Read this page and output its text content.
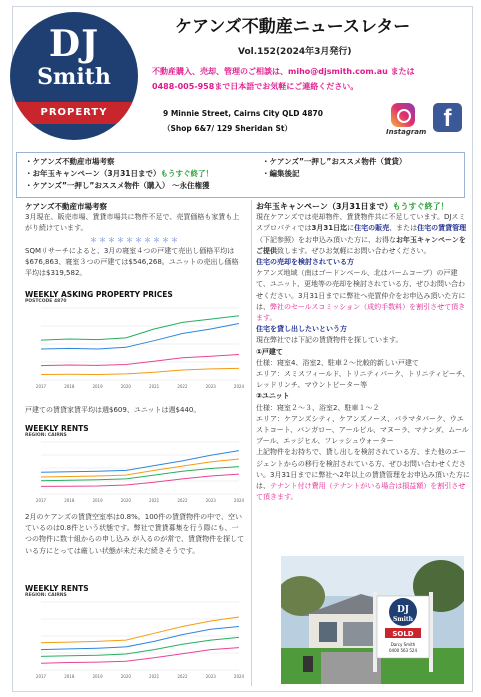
DJ
Smith
PROPERTY
ケアンズ不動産ニュースレター
Vol.152(2024年3月発行)
不動産購入、売却、管理のご相談は、miho@djsmith.com.au または
0488-005-958まで日本語でお気軽にご連絡ください。
9 Minnie Street, Cairns City QLD 4870
（Shop 6&7/ 129 Sheridan St）	Instagram f
・ケアンズ不動産市場考察
・お年玉キャンペーン（3月31日まで）もうすぐ終了！
・ケアンズ”一押し”おススメ物件（購入） ～永住権獲
・ケアンズ”一押し”おススメ物件（賃貸）
・編集後記
ケアンズ不動産市場考察
3月現在、販売市場、賃貸市場共に物件不足で、売買価格も家賃も上がり続けています。
＊＊＊＊＊＊＊＊＊＊
SQMリサーチによると、3月の寝室４つの戸建て売出し価格平均は$676,863、寝室３つの戸建ては$546,268。ユニットの売出し価格平均は$319,582。
WEEKLY ASKING PROPERTY PRICES
POSTCODE 4870
2017	2018	2019	2020	2021	2022	2023	2024
戸建ての賃貸家賃平均は週$609、ユニットは週$440。
WEEKLY RENTS
REGION: CAIRNS
2017	2018	2019	2020	2021	2022	2023	2024
2月のケアンズの賃貸空室率は0.8%。100件の賃貸物件の中で、空いているのは0.8件という状態です。弊社で賃貸募集を行う際にも、一つの物件に数十組からの申し込み が入るのが常で、賃貸物件を探している方にとっては厳しい状態が未だ未だ続きそうです。
WEEKLY RENTS
REGION: CAIRNS
2017	2018	2019	2020	2021	2022	2023	2024
お年玉キャンペーン（3月31日まで）もうすぐ終了！
現在ケアンズでは売却物件、賃貸物件共に不足しています。DJスミスプロパティでは3月31日迄に住宅の販売、または住宅の賃貸管理（下記参照）をお申込み頂いた方に、お得なお年玉キャンペーンをご提供致します。ぜひお気軽にお問い合わせください。
住宅の売却を検討されている方
ケアンズ地域（南はゴードンベール、北はパームコーブ）の戸建て、ユニット、更地等の売却を検討されている方、ぜひお問い合わせください。3月31日までに弊社へ売買仲介をお申込み頂いた方には、弊社のセールスコミッション（成約手数料）を割引させて頂きます。
住宅を貸し出したいという方
現在弊社では下記の賃貸物件を探しています。
①戸建て
仕様：寝室4、浴室2、駐車２～比較的新しい戸建て
エリア：スミスフィールド、トリニティパーク、トリニティビーチ、レッドリンチ、マウントピーター等
②ユニット
仕様：寝室２～３、浴室2、駐車１～２
エリア：ケアンズシティ、ケアンズノース、パラマタパーク、ウエストコート、バンガロー、アールビル、マヌーラ、マナンダ、ムールブール、エッジヒル、フレッシュウォーター
上記物件をお持ちで、貸し出しを検討されている方、また他のエージェントからの移行を検討されている方、ぜひお問い合わせください。3月31日までに弊社へ2年以上の賃貸管理をお申込み頂いた方には、テナント付け費用（テナントがいる場合は損益額）を割引させて頂きます。
DJ
Smith
SOLD
Darcy Smith
0400 563 524
